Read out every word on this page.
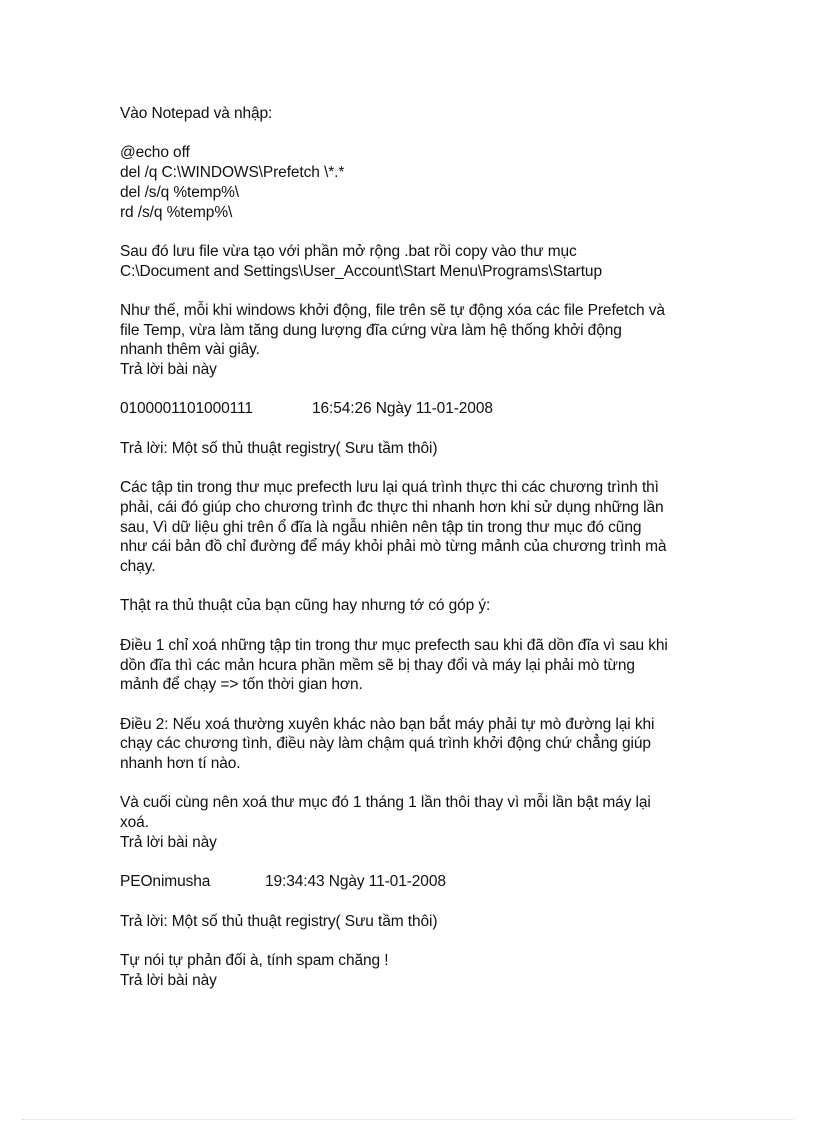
Vào Notepad và nhập:
@echo off
del /q C:\WINDOWS\Prefetch \*.*
del /s/q %temp%\
rd /s/q %temp%\
Sau đó lưu file vừa tạo với phần mở rộng .bat rồi copy vào thư mục
C:\Document and Settings\User_Account\Start Menu\Programs\Startup
Như thế, mỗi khi windows khởi động, file trên sẽ tự động xóa các file Prefetch và
file Temp, vừa làm tăng dung lượng đĩa cứng vừa làm hệ thống khởi động
nhanh thêm vài giây.
Trả lời bài này
0100001101000111	16:54:26 Ngày 11-01-2008
Trả lời: Một số thủ thuật registry( Sưu tầm thôi)
Các tập tin trong thư mục prefecth lưu lại quá trình thực thi các chương trình thì
phải, cái đó giúp cho chương trình đc thực thi nhanh hơn khi sử dụng những lần
sau, Vì dữ liệu ghi trên ổ đĩa là ngẫu nhiên nên tập tin trong thư mục đó cũng
như cái bản đồ chỉ đường để máy khỏi phải mò từng mảnh của chương trình mà
chạy.
Thật ra thủ thuật của bạn cũng hay nhưng tớ có góp ý:
Điều 1 chỉ xoá những tập tin trong thư mục prefecth sau khi đã dồn đĩa vì sau khi
dồn đĩa thì các mản hcura phần mềm sẽ bị thay đổi và máy lại phải mò từng
mảnh để chạy => tốn thời gian hơn.
Điều 2: Nếu xoá thường xuyên khác nào bạn bắt máy phải tự mò đường lại khi
chạy các chương tình, điều này làm chậm quá trình khởi động chứ chẳng giúp
nhanh hơn tí nào.
Và cuối cùng nên xoá thư mục đó 1 tháng 1 lần thôi thay vì mỗi lần bật máy lại
xoá.
Trả lời bài này
PEOnimusha	19:34:43 Ngày 11-01-2008
Trả lời: Một số thủ thuật registry( Sưu tầm thôi)
Tự nói tự phản đối à, tính spam chăng !
Trả lời bài này
